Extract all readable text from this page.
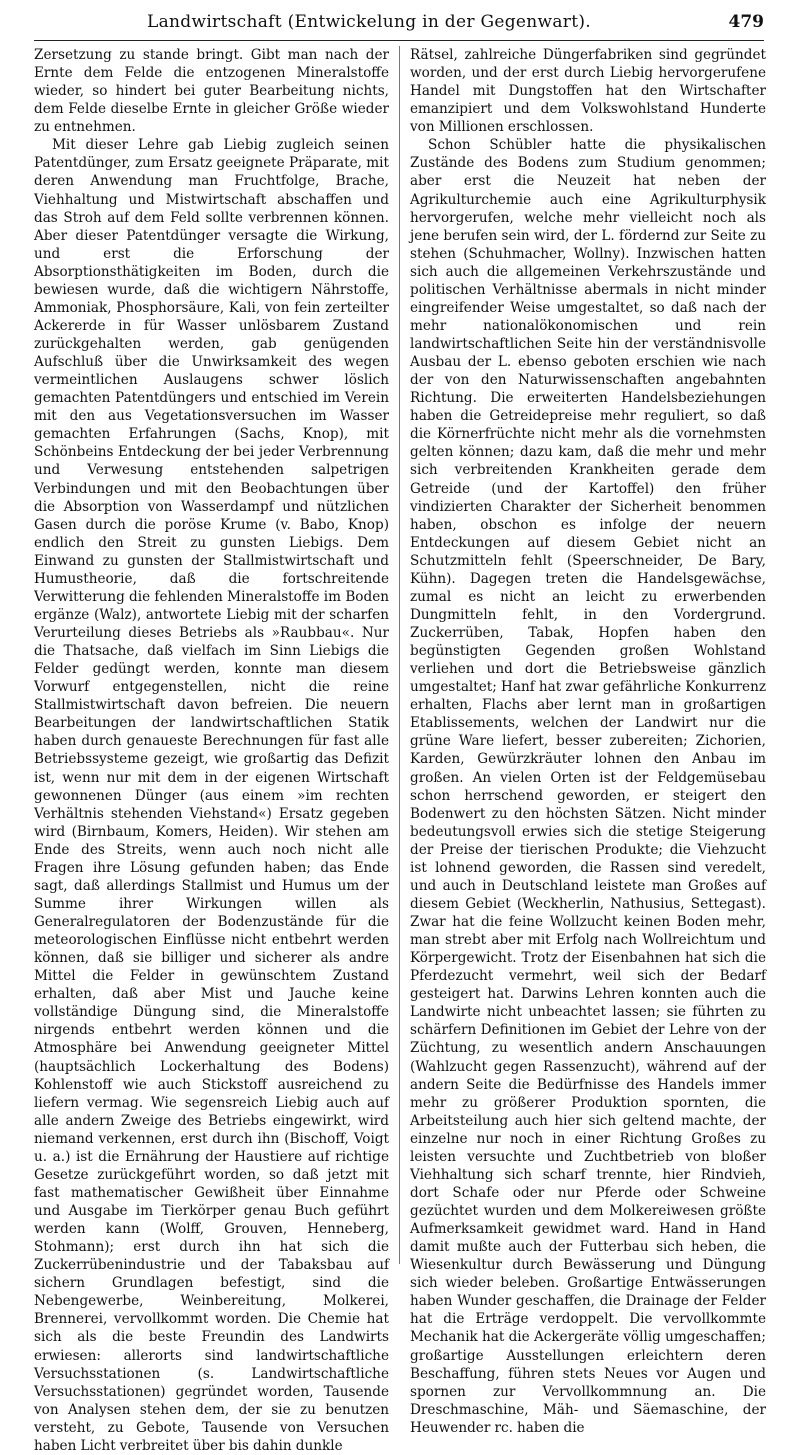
Landwirtschaft (Entwickelung in der Gegenwart).	479

Zersetzung zu stande bringt. Gibt man nach der Ernte dem Felde die entzogenen Mineralstoffe wieder, so hindert bei guter Bearbeitung nichts, dem Felde dieselbe Ernte in gleicher Größe wieder zu entnehmen.

Mit dieser Lehre gab Liebig zugleich seinen Patentdünger, zum Ersatz geeignete Präparate, mit deren Anwendung man Fruchtfolge, Brache, Viehhaltung und Mistwirtschaft abschaffen und das Stroh auf dem Feld sollte verbrennen können. Aber dieser Patentdünger versagte die Wirkung, und erst die Erforschung der Absorptionsthätigkeiten im Boden, durch die bewiesen wurde, daß die wichtigern Nährstoffe, Ammoniak, Phosphorsäure, Kali, von fein zerteilter Ackererde in für Wasser unlösbarem Zustand zurückgehalten werden, gab genügenden Aufschluß über die Unwirksamkeit des wegen vermeintlichen Auslaugens schwer löslich gemachten Patentdüngers und entschied im Verein mit den aus Vegetationsversuchen im Wasser gemachten Erfahrungen (Sachs, Knop), mit Schönbeins Entdeckung der bei jeder Verbrennung und Verwesung entstehenden salpetrigen Verbindungen und mit den Beobachtungen über die Absorption von Wasserdampf und nützlichen Gasen durch die poröse Krume (v. Babo, Knop) endlich den Streit zu gunsten Liebigs. Dem Einwand zu gunsten der Stallmistwirtschaft und Humustheorie, daß die fortschreitende Verwitterung die fehlenden Mineralstoffe im Boden ergänze (Walz), antwortete Liebig mit der scharfen Verurteilung dieses Betriebs als »Raubbau«. Nur die Thatsache, daß vielfach im Sinn Liebigs die Felder gedüngt werden, konnte man diesem Vorwurf entgegenstellen, nicht die reine Stallmistwirtschaft davon befreien. Die neuern Bearbeitungen der landwirtschaftlichen Statik haben durch genaueste Berechnungen für fast alle Betriebssysteme gezeigt, wie großartig das Defizit ist, wenn nur mit dem in der eigenen Wirtschaft gewonnenen Dünger (aus einem »im rechten Verhältnis stehenden Viehstand«) Ersatz gegeben wird (Birnbaum, Komers, Heiden). Wir stehen am Ende des Streits, wenn auch noch nicht alle Fragen ihre Lösung gefunden haben; das Ende sagt, daß allerdings Stallmist und Humus um der Summe ihrer Wirkungen willen als Generalregulatoren der Bodenzustände für die meteorologischen Einflüsse nicht entbehrt werden können, daß sie billiger und sicherer als andre Mittel die Felder in gewünschtem Zustand erhalten, daß aber Mist und Jauche keine vollständige Düngung sind, die Mineralstoffe nirgends entbehrt werden können und die Atmosphäre bei Anwendung geeigneter Mittel (hauptsächlich Lockerhaltung des Bodens) Kohlenstoff wie auch Stickstoff ausreichend zu liefern vermag. Wie segensreich Liebig auch auf alle andern Zweige des Betriebs eingewirkt, wird niemand verkennen, erst durch ihn (Bischoff, Voigt u. a.) ist die Ernährung der Haustiere auf richtige Gesetze zurückgeführt worden, so daß jetzt mit fast mathematischer Gewißheit über Einnahme und Ausgabe im Tierkörper genau Buch geführt werden kann (Wolff, Grouven, Henneberg, Stohmann); erst durch ihn hat sich die Zuckerrübenindustrie und der Tabaksbau auf sichern Grundlagen befestigt, sind die Nebengewerbe, Weinbereitung, Molkerei, Brennerei, vervollkommt worden. Die Chemie hat sich als die beste Freundin des Landwirts erwiesen: allerorts sind landwirtschaftliche Versuchsstationen (s. Landwirtschaftliche Versuchsstationen) gegründet worden, Tausende von Analysen stehen dem, der sie zu benutzen versteht, zu Gebote, Tausende von Versuchen haben Licht verbreitet über bis dahin dunkle

Rätsel, zahlreiche Düngerfabriken sind gegründet worden, und der erst durch Liebig hervorgerufene Handel mit Dungstoffen hat den Wirtschafter emanzipiert und dem Volkswohlstand Hunderte von Millionen erschlossen.

Schon Schübler hatte die physikalischen Zustände des Bodens zum Studium genommen; aber erst die Neuzeit hat neben der Agrikulturchemie auch eine Agrikulturphysik hervorgerufen, welche mehr vielleicht noch als jene berufen sein wird, der L. fördernd zur Seite zu stehen (Schuhmacher, Wollny). Inzwischen hatten sich auch die allgemeinen Verkehrszustände und politischen Verhältnisse abermals in nicht minder eingreifender Weise umgestaltet, so daß nach der mehr nationalökonomischen und rein landwirtschaftlichen Seite hin der verständnisvolle Ausbau der L. ebenso geboten erschien wie nach der von den Naturwissenschaften angebahnten Richtung. Die erweiterten Handelsbeziehungen haben die Getreidepreise mehr reguliert, so daß die Körnerfrüchte nicht mehr als die vornehmsten gelten können; dazu kam, daß die mehr und mehr sich verbreitenden Krankheiten gerade dem Getreide (und der Kartoffel) den früher vindizierten Charakter der Sicherheit benommen haben, obschon es infolge der neuern Entdeckungen auf diesem Gebiet nicht an Schutzmitteln fehlt (Speerschneider, De Bary, Kühn). Dagegen treten die Handelsgewächse, zumal es nicht an leicht zu erwerbenden Dungmitteln fehlt, in den Vordergrund. Zuckerrüben, Tabak, Hopfen haben den begünstigten Gegenden großen Wohlstand verliehen und dort die Betriebsweise gänzlich umgestaltet; Hanf hat zwar gefährliche Konkurrenz erhalten, Flachs aber lernt man in großartigen Etablissements, welchen der Landwirt nur die grüne Ware liefert, besser zubereiten; Zichorien, Karden, Gewürzkräuter lohnen den Anbau im großen. An vielen Orten ist der Feldgemüsebau schon herrschend geworden, er steigert den Bodenwert zu den höchsten Sätzen. Nicht minder bedeutungsvoll erwies sich die stetige Steigerung der Preise der tierischen Produkte; die Viehzucht ist lohnend geworden, die Rassen sind veredelt, und auch in Deutschland leistete man Großes auf diesem Gebiet (Weckherlin, Nathusius, Settegast). Zwar hat die feine Wollzucht keinen Boden mehr, man strebt aber mit Erfolg nach Wollreichtum und Körpergewicht. Trotz der Eisenbahnen hat sich die Pferdezucht vermehrt, weil sich der Bedarf gesteigert hat. Darwins Lehren konnten auch die Landwirte nicht unbeachtet lassen; sie führten zu schärfern Definitionen im Gebiet der Lehre von der Züchtung, zu wesentlich andern Anschauungen (Wahlzucht gegen Rassenzucht), während auf der andern Seite die Bedürfnisse des Handels immer mehr zu größerer Produktion spornten, die Arbeitsteilung auch hier sich geltend machte, der einzelne nur noch in einer Richtung Großes zu leisten versuchte und Zuchtbetrieb von bloßer Viehhaltung sich scharf trennte, hier Rindvieh, dort Schafe oder nur Pferde oder Schweine gezüchtet wurden und dem Molkereiwesen größte Aufmerksamkeit gewidmet ward. Hand in Hand damit mußte auch der Futterbau sich heben, die Wiesenkultur durch Bewässerung und Düngung sich wieder beleben. Großartige Entwässerungen haben Wunder geschaffen, die Drainage der Felder hat die Erträge verdoppelt. Die vervollkommte Mechanik hat die Ackergeräte völlig umgeschaffen; großartige Ausstellungen erleichtern deren Beschaffung, führen stets Neues vor Augen und spornen zur Vervollkommnung an. Die Dreschmaschine, Mäh- und Säemaschine, der Heuwender rc. haben die
